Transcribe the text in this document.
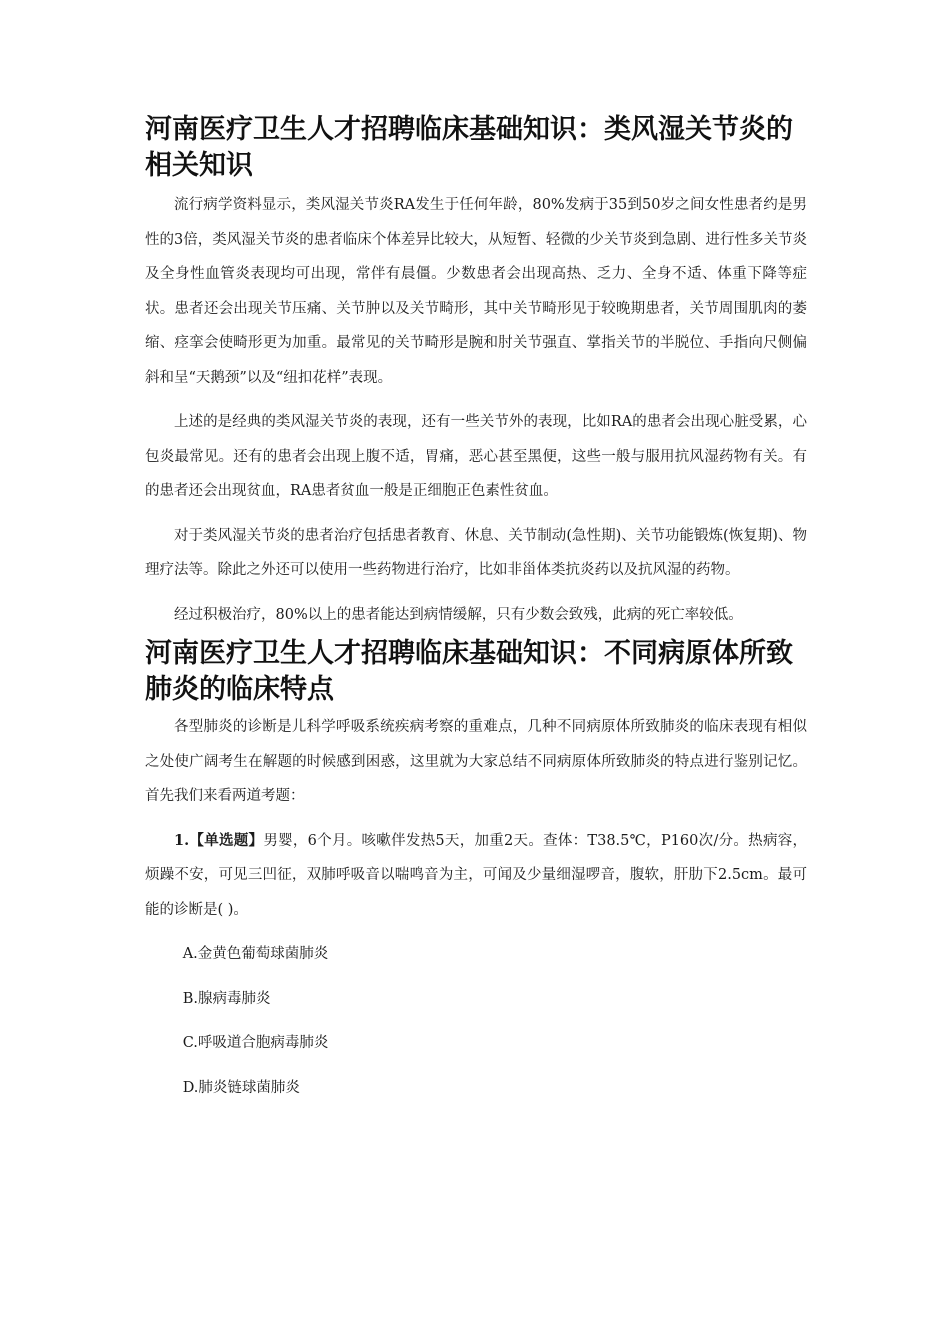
河南医疗卫生人才招聘临床基础知识：类风湿关节炎的相关知识

流行病学资料显示，类风湿关节炎RA发生于任何年龄，80%发病于35到50岁之间女性患者约是男性的3倍，类风湿关节炎的患者临床个体差异比较大，从短暂、轻微的少关节炎到急剧、进行性多关节炎及全身性血管炎表现均可出现，常伴有晨僵。少数患者会出现高热、乏力、全身不适、体重下降等症状。患者还会出现关节压痛、关节肿以及关节畸形，其中关节畸形见于较晚期患者，关节周围肌肉的萎缩、痉挛会使畸形更为加重。最常见的关节畸形是腕和肘关节强直、掌指关节的半脱位、手指向尺侧偏斜和呈“天鹅颈”以及“纽扣花样”表现。

上述的是经典的类风湿关节炎的表现，还有一些关节外的表现，比如RA的患者会出现心脏受累，心包炎最常见。还有的患者会出现上腹不适，胃痛，恶心甚至黑便，这些一般与服用抗风湿药物有关。有的患者还会出现贫血，RA患者贫血一般是正细胞正色素性贫血。

对于类风湿关节炎的患者治疗包括患者教育、休息、关节制动(急性期)、关节功能锻炼(恢复期)、物理疗法等。除此之外还可以使用一些药物进行治疗，比如非甾体类抗炎药以及抗风湿的药物。

经过积极治疗，80%以上的患者能达到病情缓解，只有少数会致残，此病的死亡率较低。

河南医疗卫生人才招聘临床基础知识：不同病原体所致肺炎的临床特点

各型肺炎的诊断是儿科学呼吸系统疾病考察的重难点，几种不同病原体所致肺炎的临床表现有相似之处使广阔考生在解题的时候感到困惑，这里就为大家总结不同病原体所致肺炎的特点进行鉴别记忆。首先我们来看两道考题：

1.【单选题】男婴，6个月。咳嗽伴发热5天，加重2天。查体：T38.5℃，P160次/分。热病容，烦躁不安，可见三凹征，双肺呼吸音以喘鸣音为主，可闻及少量细湿啰音，腹软，肝肋下2.5cm。最可能的诊断是( )。

A.金黄色葡萄球菌肺炎

B.腺病毒肺炎

C.呼吸道合胞病毒肺炎

D.肺炎链球菌肺炎
